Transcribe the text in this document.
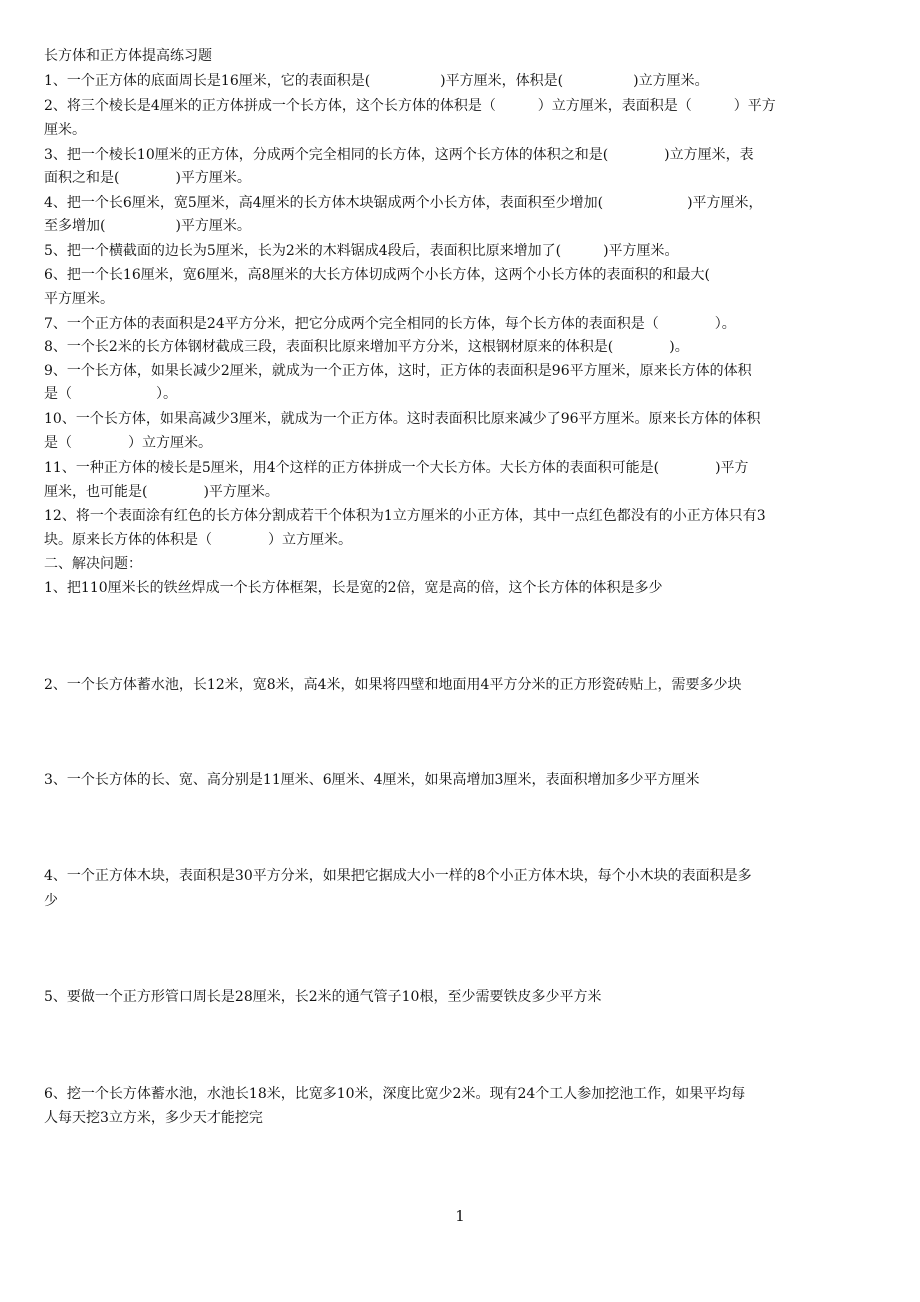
长方体和正方体提高练习题
1、一个正方体的底面周长是16厘米，它的表面积是(　　　　　)平方厘米，体积是(　　　　　)立方厘米。
2、将三个棱长是4厘米的正方体拼成一个长方体，这个长方体的体积是（　　　）立方厘米，表面积是（　　　）平方
厘米。
3、把一个棱长10厘米的正方体，分成两个完全相同的长方体，这两个长方体的体积之和是(　　　　)立方厘米，表
面积之和是(　　　　)平方厘米。
4、把一个长6厘米，宽5厘米，高4厘米的长方体木块锯成两个小长方体，表面积至少增加(　　　　　　)平方厘米，
至多增加(　　　　　)平方厘米。
5、把一个横截面的边长为5厘米，长为2米的木料锯成4段后，表面积比原来增加了(　　　)平方厘米。
6、把一个长16厘米，宽6厘米，高8厘米的大长方体切成两个小长方体，这两个小长方体的表面积的和最大(
平方厘米。
7、一个正方体的表面积是24平方分米，把它分成两个完全相同的长方体，每个长方体的表面积是（　　　　）。
8、一个长2米的长方体钢材截成三段，表面积比原来增加平方分米，这根钢材原来的体积是(　　　　)。
9、一个长方体，如果长减少2厘米，就成为一个正方体，这时，正方体的表面积是96平方厘米，原来长方体的体积
是（　　　　　　）。
10、一个长方体，如果高减少3厘米，就成为一个正方体。这时表面积比原来减少了96平方厘米。原来长方体的体积
是（　　　　）立方厘米。
11、一种正方体的棱长是5厘米，用4个这样的正方体拼成一个大长方体。大长方体的表面积可能是(　　　　)平方
厘米，也可能是(　　　　)平方厘米。
12、将一个表面涂有红色的长方体分割成若干个体积为1立方厘米的小正方体，其中一点红色都没有的小正方体只有3
块。原来长方体的体积是（　　　　）立方厘米。
二、解决问题：
1、把110厘米长的铁丝焊成一个长方体框架，长是宽的2倍，宽是高的倍，这个长方体的体积是多少
2、一个长方体蓄水池，长12米，宽8米，高4米，如果将四壁和地面用4平方分米的正方形瓷砖贴上，需要多少块
3、一个长方体的长、宽、高分别是11厘米、6厘米、4厘米，如果高增加3厘米，表面积增加多少平方厘米
4、一个正方体木块，表面积是30平方分米，如果把它据成大小一样的8个小正方体木块，每个小木块的表面积是多
少
5、要做一个正方形管口周长是28厘米，长2米的通气管子10根，至少需要铁皮多少平方米
6、挖一个长方体蓄水池，水池长18米，比宽多10米，深度比宽少2米。现有24个工人参加挖池工作，如果平均每
人每天挖3立方米，多少天才能挖完
1
